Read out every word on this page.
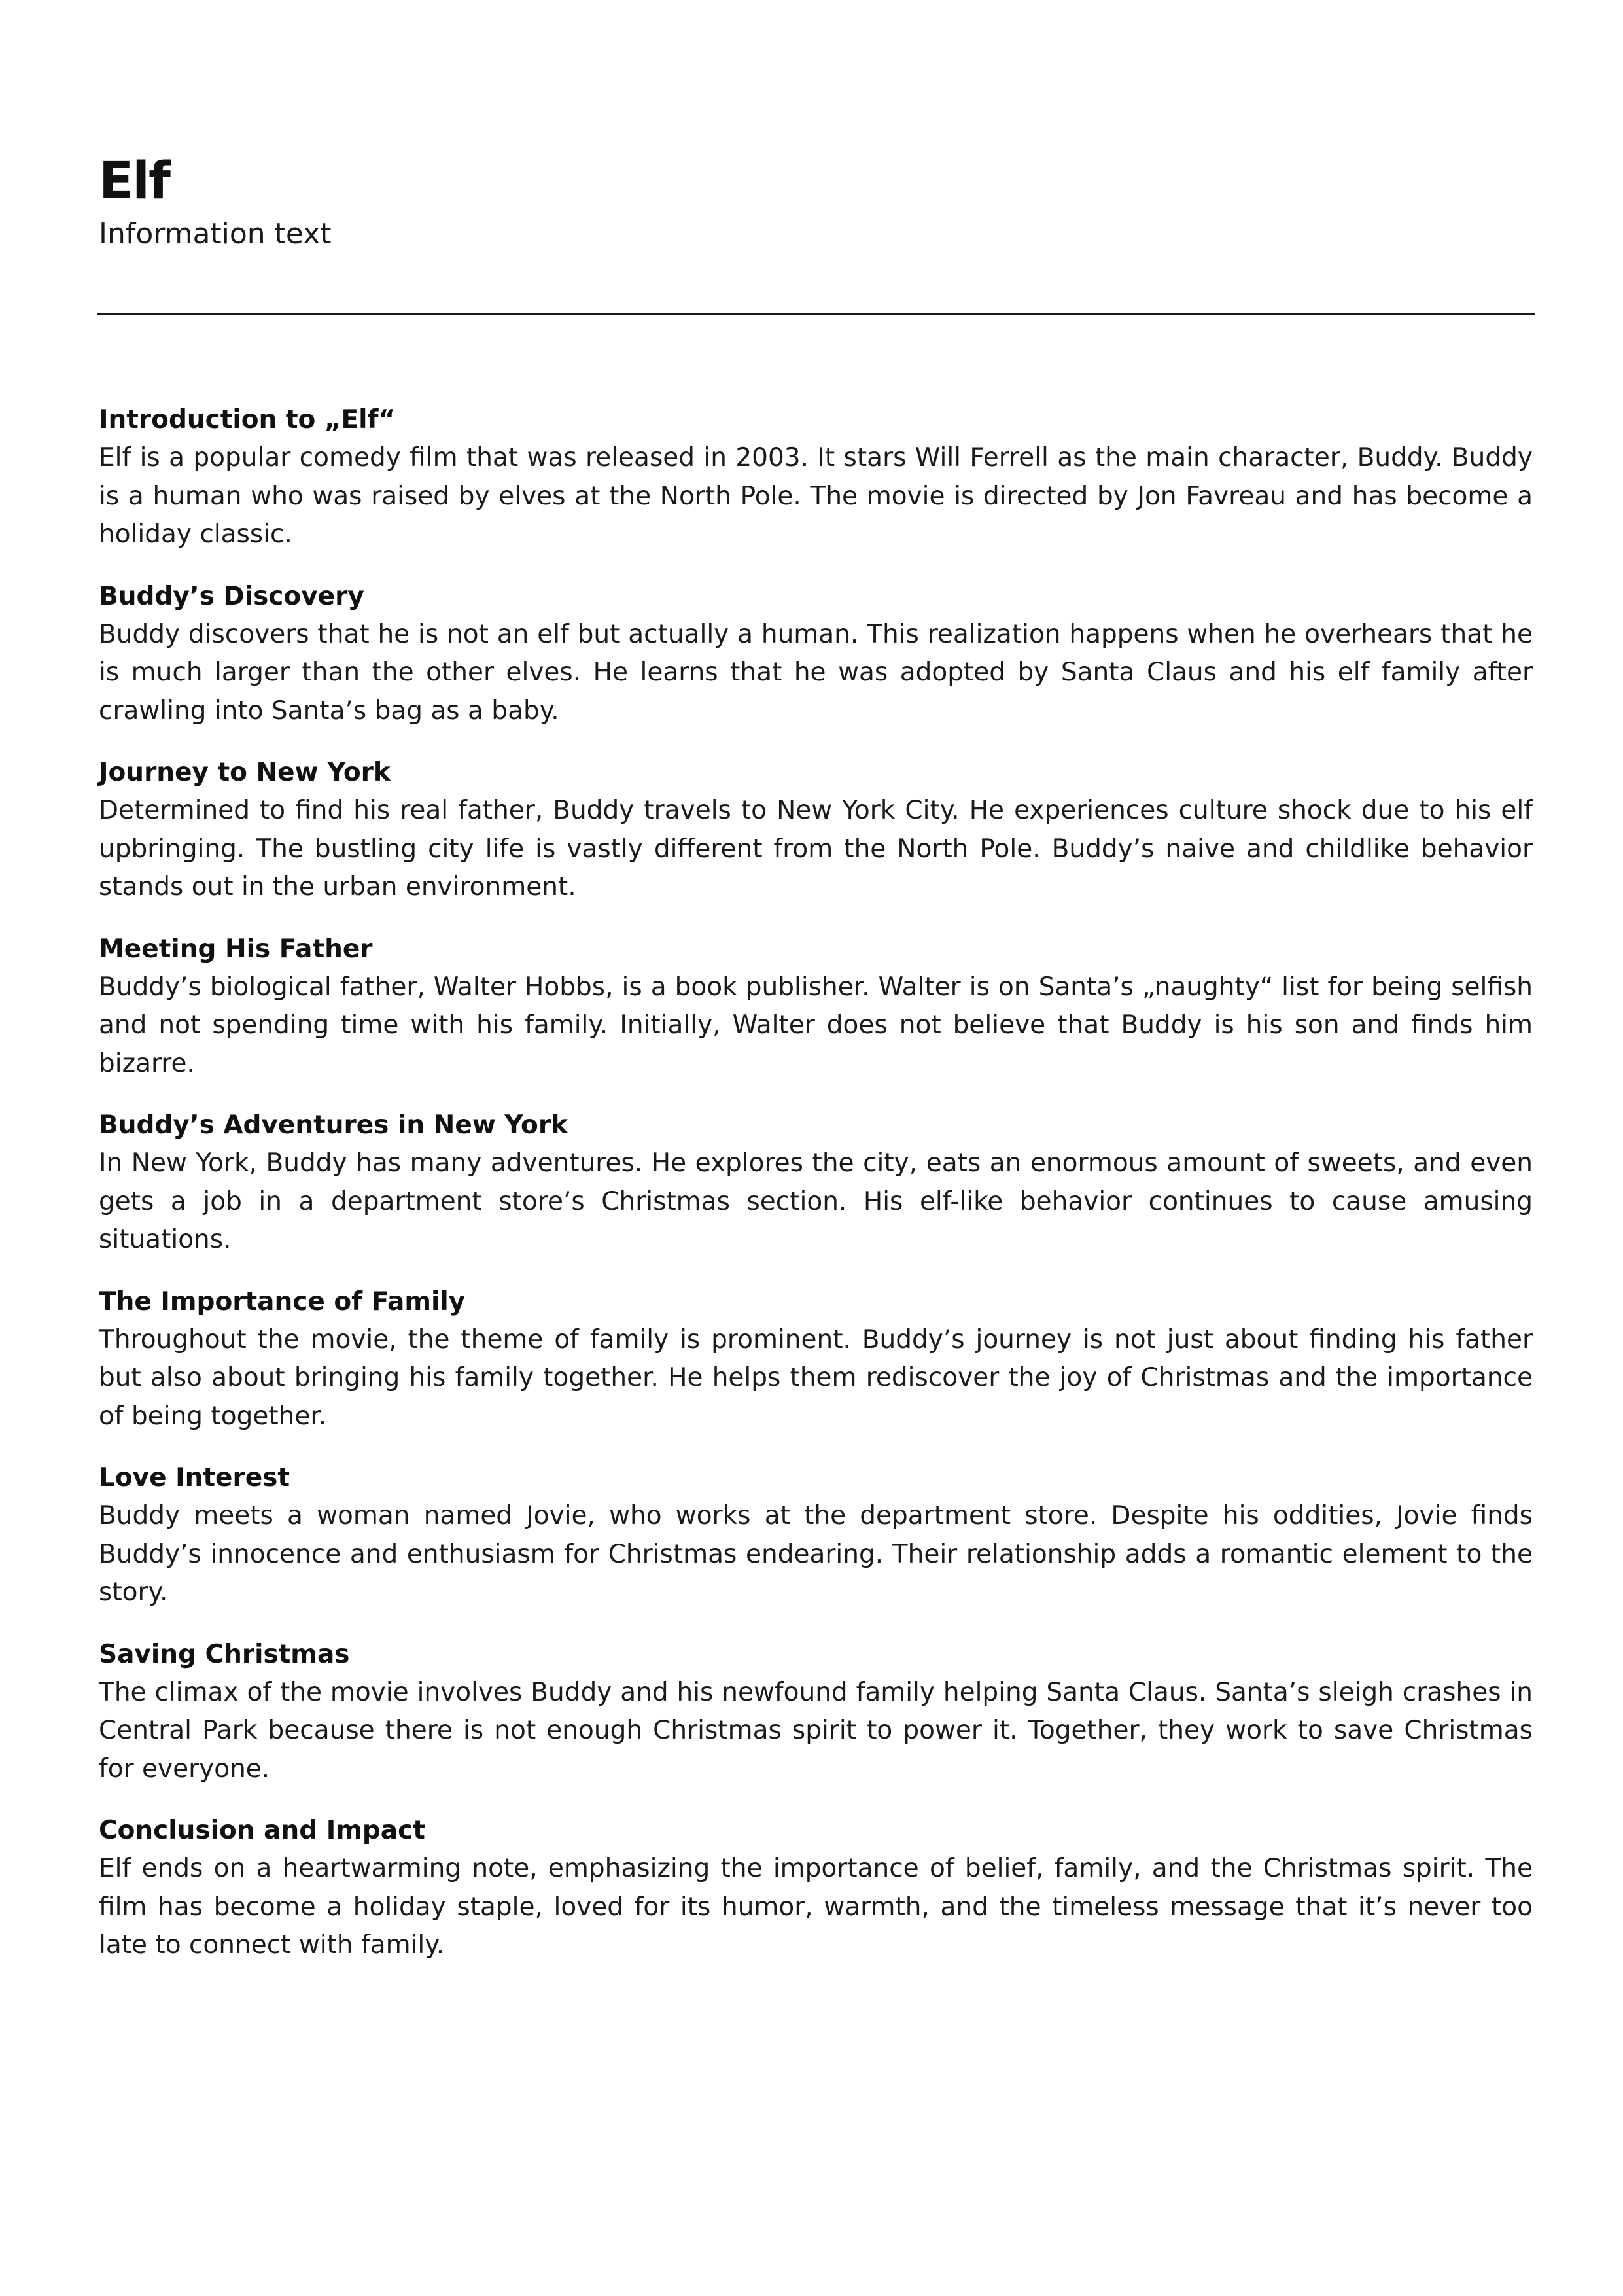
Elf
Information text
Introduction to „Elf“

Elf is a popular comedy film that was released in 2003. It stars Will Ferrell as the main character, Buddy. Buddy is a human who was raised by elves at the North Pole. The movie is directed by Jon Favreau and has become a holiday classic.

Buddy’s Discovery

Buddy discovers that he is not an elf but actually a human. This realization happens when he overhears that he is much larger than the other elves. He learns that he was adopted by Santa Claus and his elf family after crawling into Santa’s bag as a baby.

Journey to New York

Determined to find his real father, Buddy travels to New York City. He experiences culture shock due to his elf upbringing. The bustling city life is vastly different from the North Pole. Buddy’s naive and childlike behavior stands out in the urban environment.

Meeting His Father

Buddy’s biological father, Walter Hobbs, is a book publisher. Walter is on Santa’s „naughty“ list for being selfish and not spending time with his family. Initially, Walter does not believe that Buddy is his son and finds him bizarre.

Buddy’s Adventures in New York

In New York, Buddy has many adventures. He explores the city, eats an enormous amount of sweets, and even gets a job in a department store’s Christmas section. His elf-like behavior continues to cause amusing situations.

The Importance of Family

Throughout the movie, the theme of family is prominent. Buddy’s journey is not just about finding his father but also about bringing his family together. He helps them rediscover the joy of Christmas and the importance of being together.

Love Interest

Buddy meets a woman named Jovie, who works at the department store. Despite his oddities, Jovie finds Buddy’s innocence and enthusiasm for Christmas endearing. Their relationship adds a romantic element to the story.

Saving Christmas

The climax of the movie involves Buddy and his newfound family helping Santa Claus. Santa’s sleigh crashes in Central Park because there is not enough Christmas spirit to power it. Together, they work to save Christmas for everyone.

Conclusion and Impact

Elf ends on a heartwarming note, emphasizing the importance of belief, family, and the Christmas spirit. The film has become a holiday staple, loved for its humor, warmth, and the timeless message that it’s never too late to connect with family.
